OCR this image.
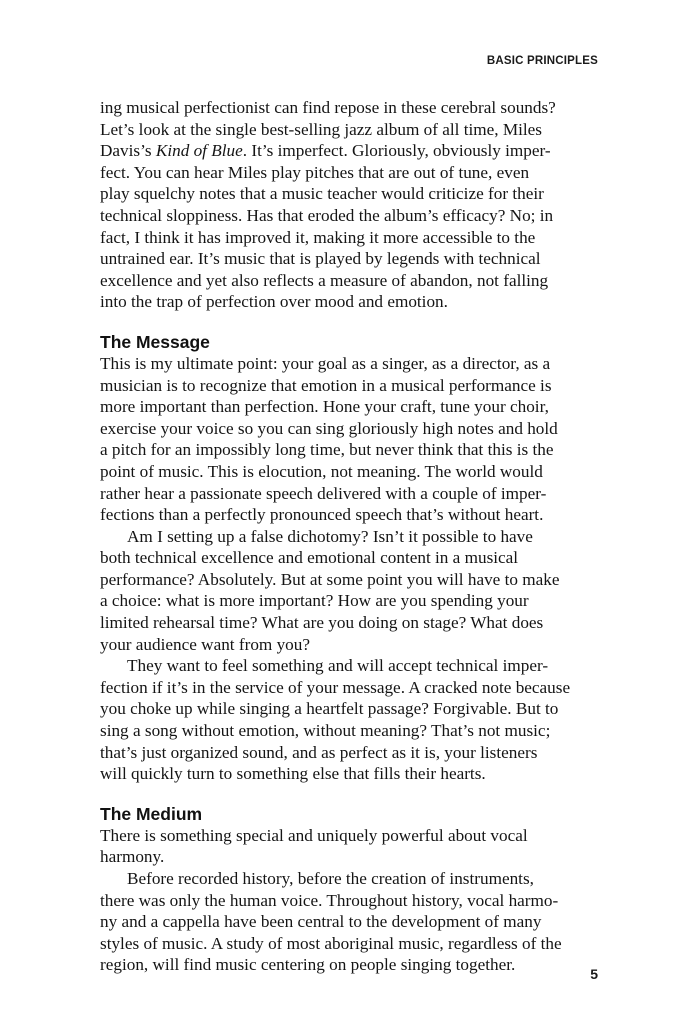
BASIC PRINCIPLES
ing musical perfectionist can find repose in these cerebral sounds?
Let’s look at the single best-selling jazz album of all time, Miles
Davis’s Kind of Blue. It’s imperfect. Gloriously, obviously imper-
fect. You can hear Miles play pitches that are out of tune, even
play squelchy notes that a music teacher would criticize for their
technical sloppiness. Has that eroded the album’s efficacy? No; in
fact, I think it has improved it, making it more accessible to the
untrained ear. It’s music that is played by legends with technical
excellence and yet also reflects a measure of abandon, not falling
into the trap of perfection over mood and emotion.
The Message
This is my ultimate point: your goal as a singer, as a director, as a
musician is to recognize that emotion in a musical performance is
more important than perfection. Hone your craft, tune your choir,
exercise your voice so you can sing gloriously high notes and hold
a pitch for an impossibly long time, but never think that this is the
point of music. This is elocution, not meaning. The world would
rather hear a passionate speech delivered with a couple of imper-
fections than a perfectly pronounced speech that’s without heart.
Am I setting up a false dichotomy? Isn’t it possible to have
both technical excellence and emotional content in a musical
performance? Absolutely. But at some point you will have to make
a choice: what is more important? How are you spending your
limited rehearsal time? What are you doing on stage? What does
your audience want from you?
They want to feel something and will accept technical imper-
fection if it’s in the service of your message. A cracked note because
you choke up while singing a heartfelt passage? Forgivable. But to
sing a song without emotion, without meaning? That’s not music;
that’s just organized sound, and as perfect as it is, your listeners
will quickly turn to something else that fills their hearts.
The Medium
There is something special and uniquely powerful about vocal
harmony.
Before recorded history, before the creation of instruments,
there was only the human voice. Throughout history, vocal harmo-
ny and a cappella have been central to the development of many
styles of music. A study of most aboriginal music, regardless of the
region, will find music centering on people singing together.	5
